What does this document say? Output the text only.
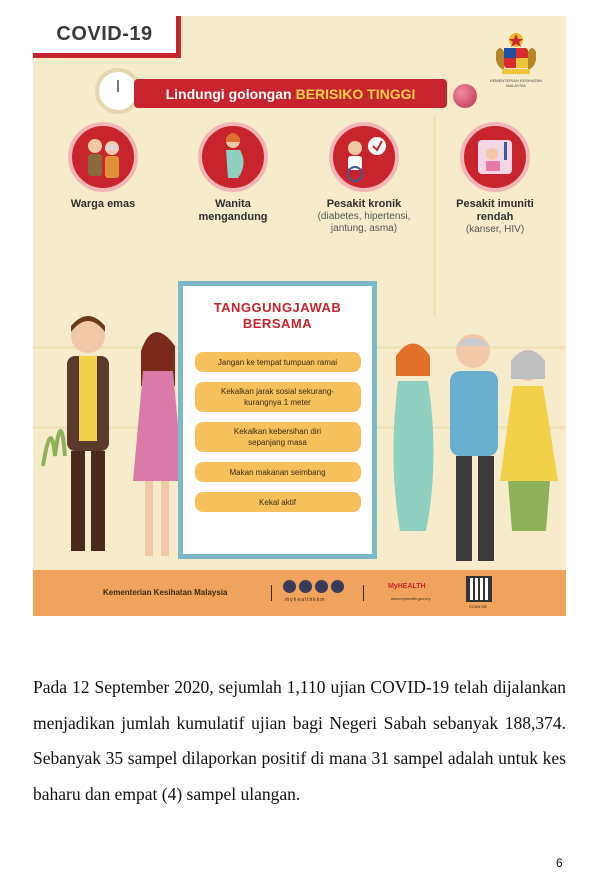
COVID-19
Lindungi golongan BERISIKO TINGGI
KEMENTERIAN KESIHATAN MALAYSIA
Warga emas	Wanita mengandung
Pesakit kronik
(diabetes, hipertensi, jantung, asma)
Pesakit imuniti rendah
(kanser, HIV)
TANGGUNGJAWAB
BERSAMA
Jangan ke tempat tumpuan ramai
Kekalkan jarak sosial sekurang-kurangnya 1 meter
Kekalkan kebersihan diri sepanjang masa
Makan makanan seimbang
Kekal aktif
Kementerian Kesihatan Malaysia
myhealthkkm
MyHEALTH
www.myhealth.gov.my
SCAN ME
Pada 12 September 2020, sejumlah 1,110 ujian COVID-19 telah dijalankan menjadikan jumlah kumulatif ujian bagi Negeri Sabah sebanyak 188,374. Sebanyak 35 sampel dilaporkan positif di mana 31 sampel adalah untuk kes baharu dan empat (4) sampel ulangan.
6
